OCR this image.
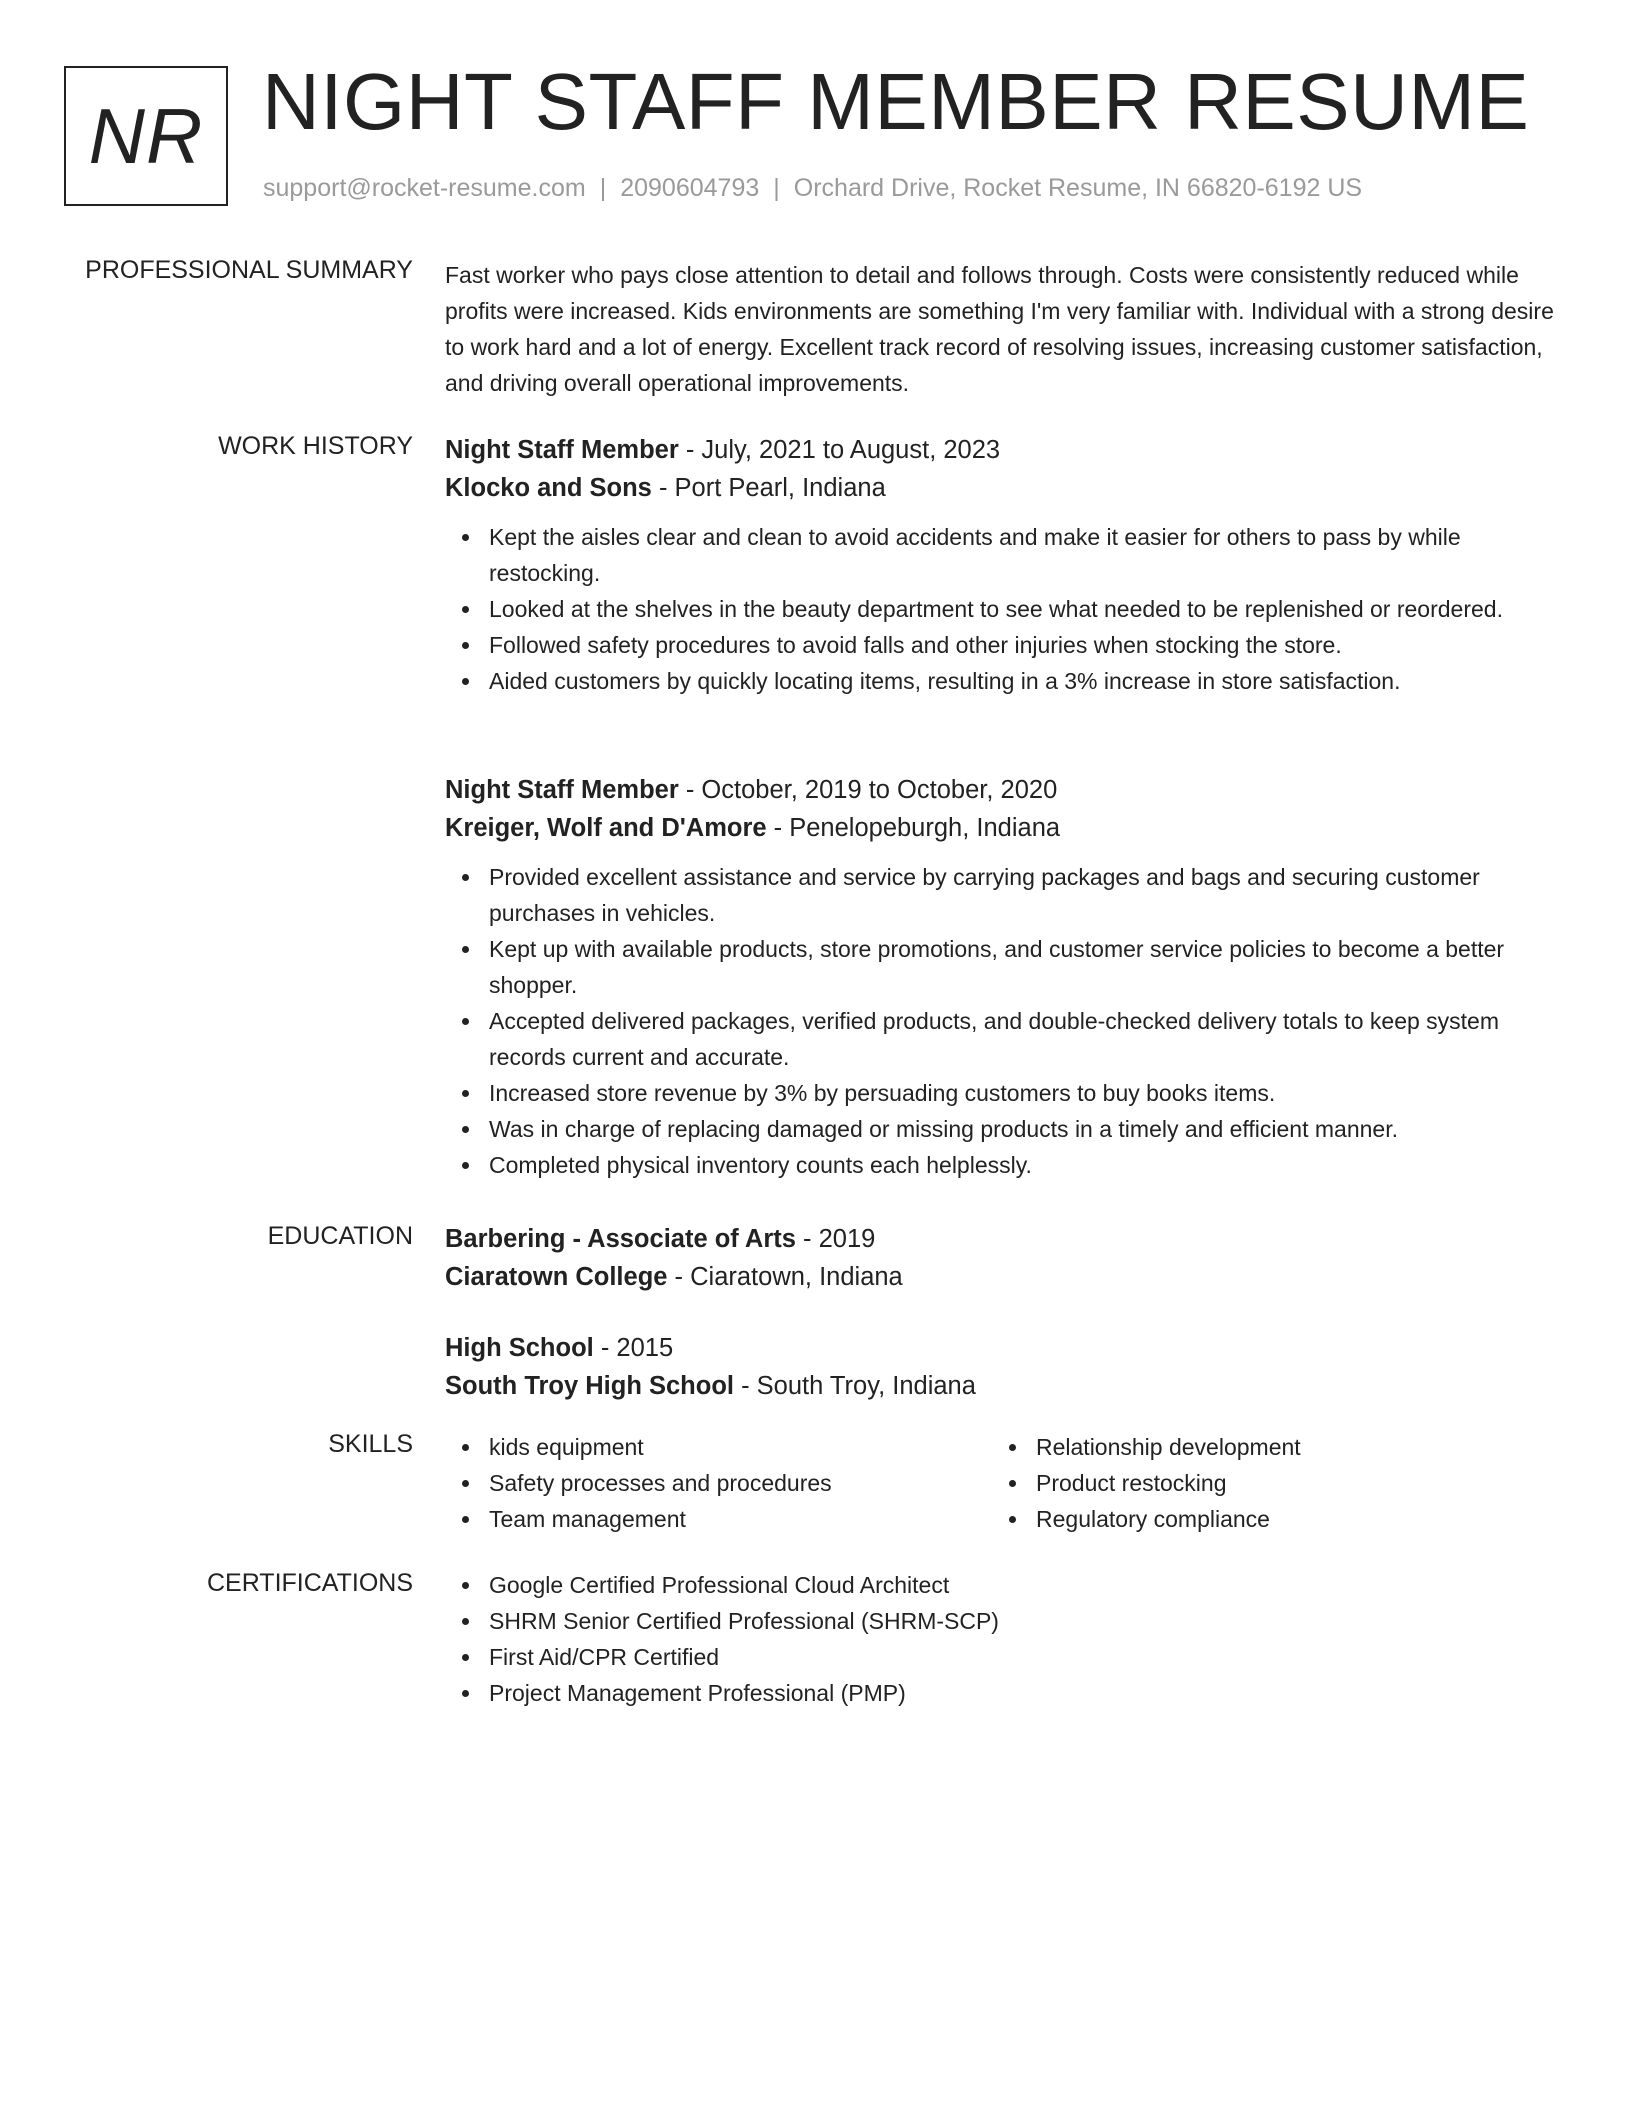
NR NIGHT STAFF MEMBER RESUME
support@rocket-resume.com | 2090604793 | Orchard Drive, Rocket Resume, IN 66820-6192 US
PROFESSIONAL SUMMARY Fast worker who pays close attention to detail and follows through. Costs were consistently reduced while profits were increased. Kids environments are something I'm very familiar with. Individual with a strong desire to work hard and a lot of energy. Excellent track record of resolving issues, increasing customer satisfaction, and driving overall operational improvements.
WORK HISTORY Night Staff Member - July, 2021 to August, 2023
Klocko and Sons - Port Pearl, Indiana
Kept the aisles clear and clean to avoid accidents and make it easier for others to pass by while restocking.
Looked at the shelves in the beauty department to see what needed to be replenished or reordered.
Followed safety procedures to avoid falls and other injuries when stocking the store.
Aided customers by quickly locating items, resulting in a 3% increase in store satisfaction.
Night Staff Member - October, 2019 to October, 2020
Kreiger, Wolf and D'Amore - Penelopeburgh, Indiana
Provided excellent assistance and service by carrying packages and bags and securing customer purchases in vehicles.
Kept up with available products, store promotions, and customer service policies to become a better shopper.
Accepted delivered packages, verified products, and double-checked delivery totals to keep system records current and accurate.
Increased store revenue by 3% by persuading customers to buy books items.
Was in charge of replacing damaged or missing products in a timely and efficient manner.
Completed physical inventory counts each helplessly.
EDUCATION Barbering - Associate of Arts - 2019
Ciaratown College - Ciaratown, Indiana
High School - 2015
South Troy High School - South Troy, Indiana
SKILLS	kids equipment
Safety processes and procedures
Team management
Relationship development
Product restocking
Regulatory compliance
CERTIFICATIONS	Google Certified Professional Cloud Architect
SHRM Senior Certified Professional (SHRM-SCP)
First Aid/CPR Certified
Project Management Professional (PMP)
